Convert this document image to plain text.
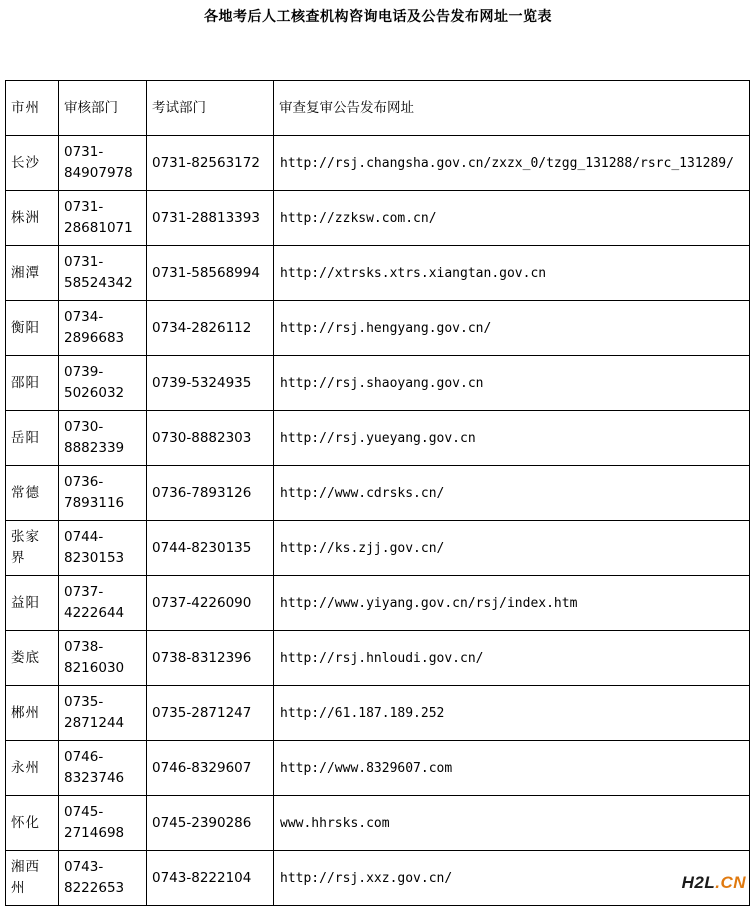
各地考后人工核查机构咨询电话及公告发布网址一览表
市州	审核部门	考试部门	审查复审公告发布网址
长沙	0731-84907978	0731-82563172	http://rsj.changsha.gov.cn/zxzx_0/tzgg_131288/rsrc_131289/
株洲	0731-28681071	0731-28813393	http://zzksw.com.cn/
湘潭	0731-58524342	0731-58568994	http://xtrsks.xtrs.xiangtan.gov.cn
衡阳	0734-2896683	0734-2826112	http://rsj.hengyang.gov.cn/
邵阳	0739-5026032	0739-5324935	http://rsj.shaoyang.gov.cn
岳阳	0730-8882339	0730-8882303	http://rsj.yueyang.gov.cn
常德	0736-7893116	0736-7893126	http://www.cdrsks.cn/
张家界	0744-8230153	0744-8230135	http://ks.zjj.gov.cn/
益阳	0737-4222644	0737-4226090	http://www.yiyang.gov.cn/rsj/index.htm
娄底	0738-8216030	0738-8312396	http://rsj.hnloudi.gov.cn/
郴州	0735-2871244	0735-2871247	http://61.187.189.252
永州	0746-8323746	0746-8329607	http://www.8329607.com
怀化	0745-2714698	0745-2390286	www.hhrsks.com
湘西州	0743-8222653	0743-8222104	http://rsj.xxz.gov.cn/	H2L.CN
